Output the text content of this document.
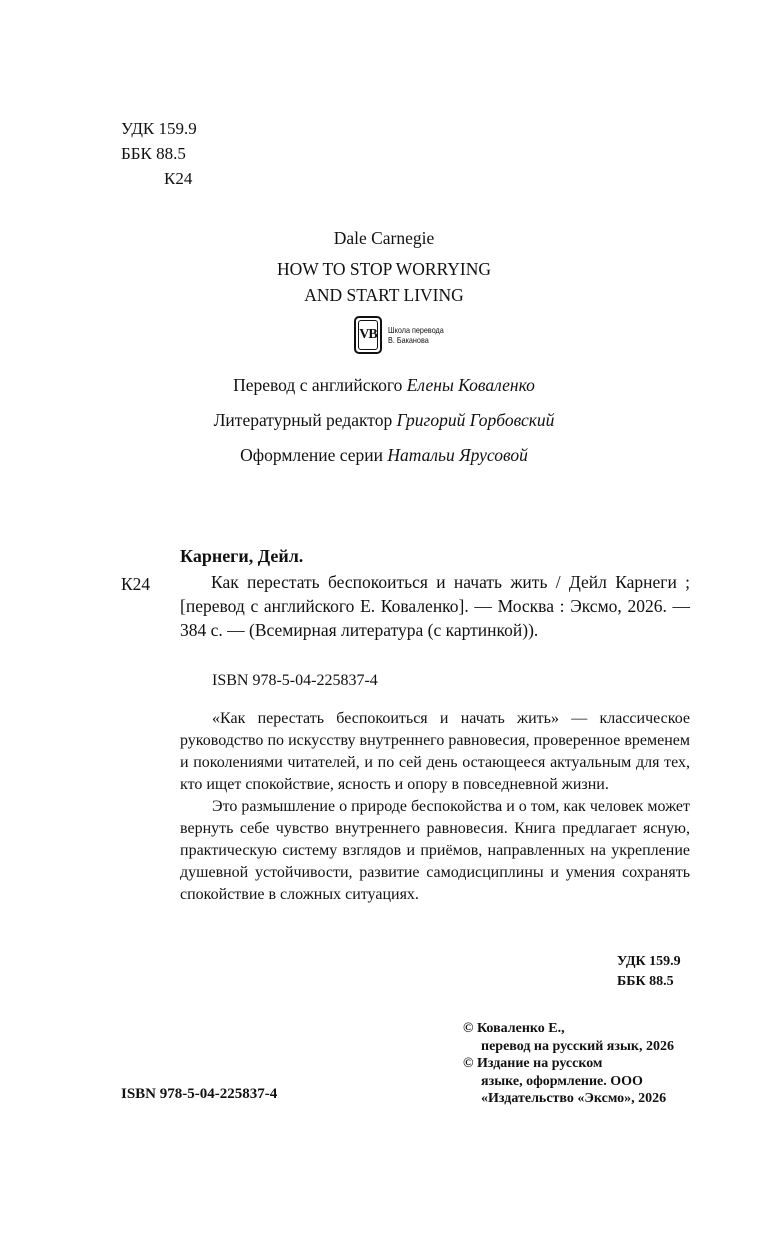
УДК 159.9
ББК 88.5
К24
Dale Carnegie
HOW TO STOP WORRYING
AND START LIVING
VB Школа перевода
В. Баканова
Перевод с английского Елены Коваленко
Литературный редактор Григорий Горбовский
Оформление серии Натальи Ярусовой
Карнеги, Дейл.
К24	Как перестать беспокоиться и начать жить / Дейл Карнеги ; [перевод с английского Е. Коваленко]. — Москва : Эксмо, 2026. — 384 с. — (Всемирная литература (с картинкой)).
ISBN 978-5-04-225837-4

«Как перестать беспокоиться и начать жить» — классическое руководство по искусству внутреннего равновесия, проверенное временем и поколениями читателей, и по сей день остающееся актуальным для тех, кто ищет спокойствие, ясность и опору в повседневной жизни.

Это размышление о природе беспокойства и о том, как человек может вернуть себе чувство внутреннего равновесия. Книга предлагает ясную, практическую систему взглядов и приёмов, направленных на укрепление душевной устойчивости, развитие самодисциплины и умения сохранять спокойствие в сложных ситуациях.

УДК 159.9
ББК 88.5
© Коваленко Е.,
перевод на русский язык, 2026
© Издание на русском
языке, оформление. ООО
«Издательство «Эксмо», 2026
ISBN 978-5-04-225837-4
